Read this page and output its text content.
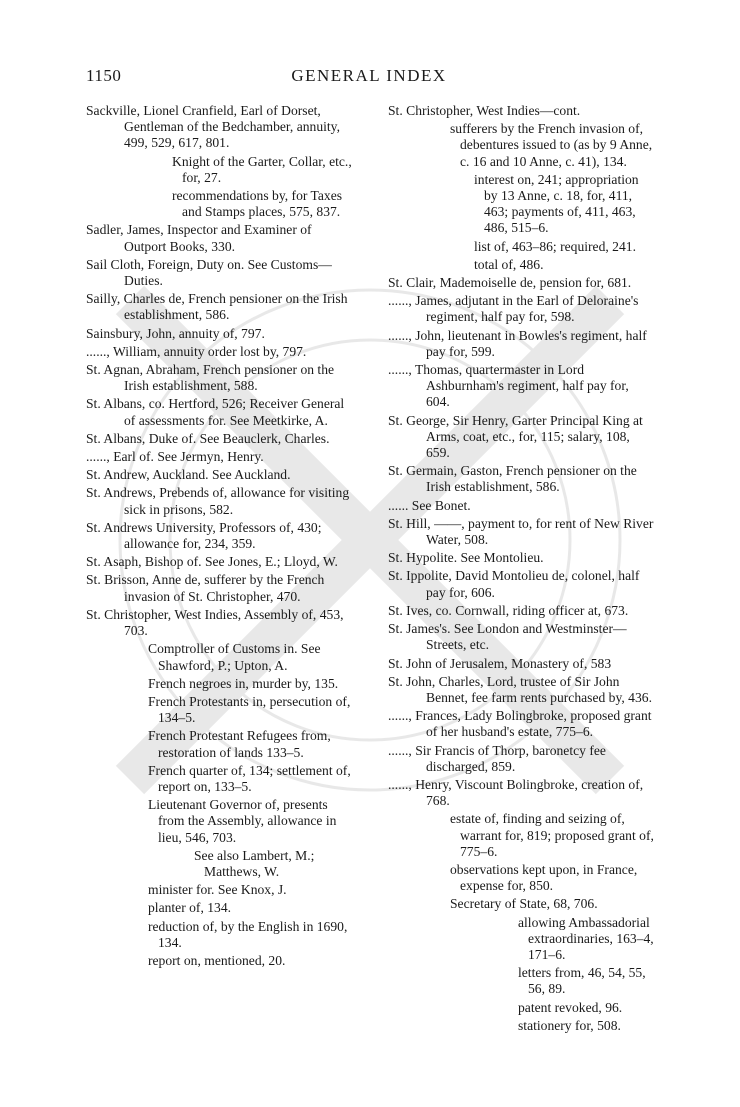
1150	GENERAL INDEX
Sackville, Lionel Cranfield, Earl of Dorset, Gentleman of the Bedchamber, annuity, 499, 529, 617, 801.
Knight of the Garter, Collar, etc., for, 27.
recommendations by, for Taxes and Stamps places, 575, 837.
Sadler, James, Inspector and Examiner of Outport Books, 330.
Sail Cloth, Foreign, Duty on. See Customs—Duties.
Sailly, Charles de, French pensioner on the Irish establishment, 586.
Sainsbury, John, annuity of, 797.
......, William, annuity order lost by, 797.
St. Agnan, Abraham, French pensioner on the Irish establishment, 588.
St. Albans, co. Hertford, 526; Receiver General of assessments for. See Meetkirke, A.
St. Albans, Duke of. See Beauclerk, Charles.
......, Earl of. See Jermyn, Henry.
St. Andrew, Auckland. See Auckland.
St. Andrews, Prebends of, allowance for visiting sick in prisons, 582.
St. Andrews University, Professors of, 430; allowance for, 234, 359.
St. Asaph, Bishop of. See Jones, E.; Lloyd, W.
St. Brisson, Anne de, sufferer by the French invasion of St. Christopher, 470.
St. Christopher, West Indies, Assembly of, 453, 703.
Comptroller of Customs in. See Shawford, P.; Upton, A.
French negroes in, murder by, 135.
French Protestants in, persecution of, 134–5.
French Protestant Refugees from, restoration of lands 133–5.
French quarter of, 134; settlement of, report on, 133–5.
Lieutenant Governor of, presents from the Assembly, allowance in lieu, 546, 703.
See also Lambert, M.; Matthews, W.
minister for. See Knox, J.
planter of, 134.
reduction of, by the English in 1690, 134.
report on, mentioned, 20.
St. Christopher, West Indies—cont.
sufferers by the French invasion of, debentures issued to (as by 9 Anne, c. 16 and 10 Anne, c. 41), 134.
interest on, 241; appropriation by 13 Anne, c. 18, for, 411, 463; payments of, 411, 463, 486, 515–6.
list of, 463–86; required, 241.
total of, 486.
St. Clair, Mademoiselle de, pension for, 681.
......, James, adjutant in the Earl of Deloraine's regiment, half pay for, 598.
......, John, lieutenant in Bowles's regiment, half pay for, 599.
......, Thomas, quartermaster in Lord Ashburnham's regiment, half pay for, 604.
St. George, Sir Henry, Garter Principal King at Arms, coat, etc., for, 115; salary, 108, 659.
St. Germain, Gaston, French pensioner on the Irish establishment, 586.
...... See Bonet.
St. Hill, ——, payment to, for rent of New River Water, 508.
St. Hypolite. See Montolieu.
St. Ippolite, David Montolieu de, colonel, half pay for, 606.
St. Ives, co. Cornwall, riding officer at, 673.
St. James's. See London and Westminster—Streets, etc.
St. John of Jerusalem, Monastery of, 583
St. John, Charles, Lord, trustee of Sir John Bennet, fee farm rents purchased by, 436.
......, Frances, Lady Bolingbroke, proposed grant of her husband's estate, 775–6.
......, Sir Francis of Thorp, baronetcy fee discharged, 859.
......, Henry, Viscount Bolingbroke, creation of, 768.
estate of, finding and seizing of, warrant for, 819; proposed grant of, 775–6.
observations kept upon, in France, expense for, 850.
Secretary of State, 68, 706.
allowing Ambassadorial extraordinaries, 163–4, 171–6.
letters from, 46, 54, 55, 56, 89.
patent revoked, 96.
stationery for, 508.
